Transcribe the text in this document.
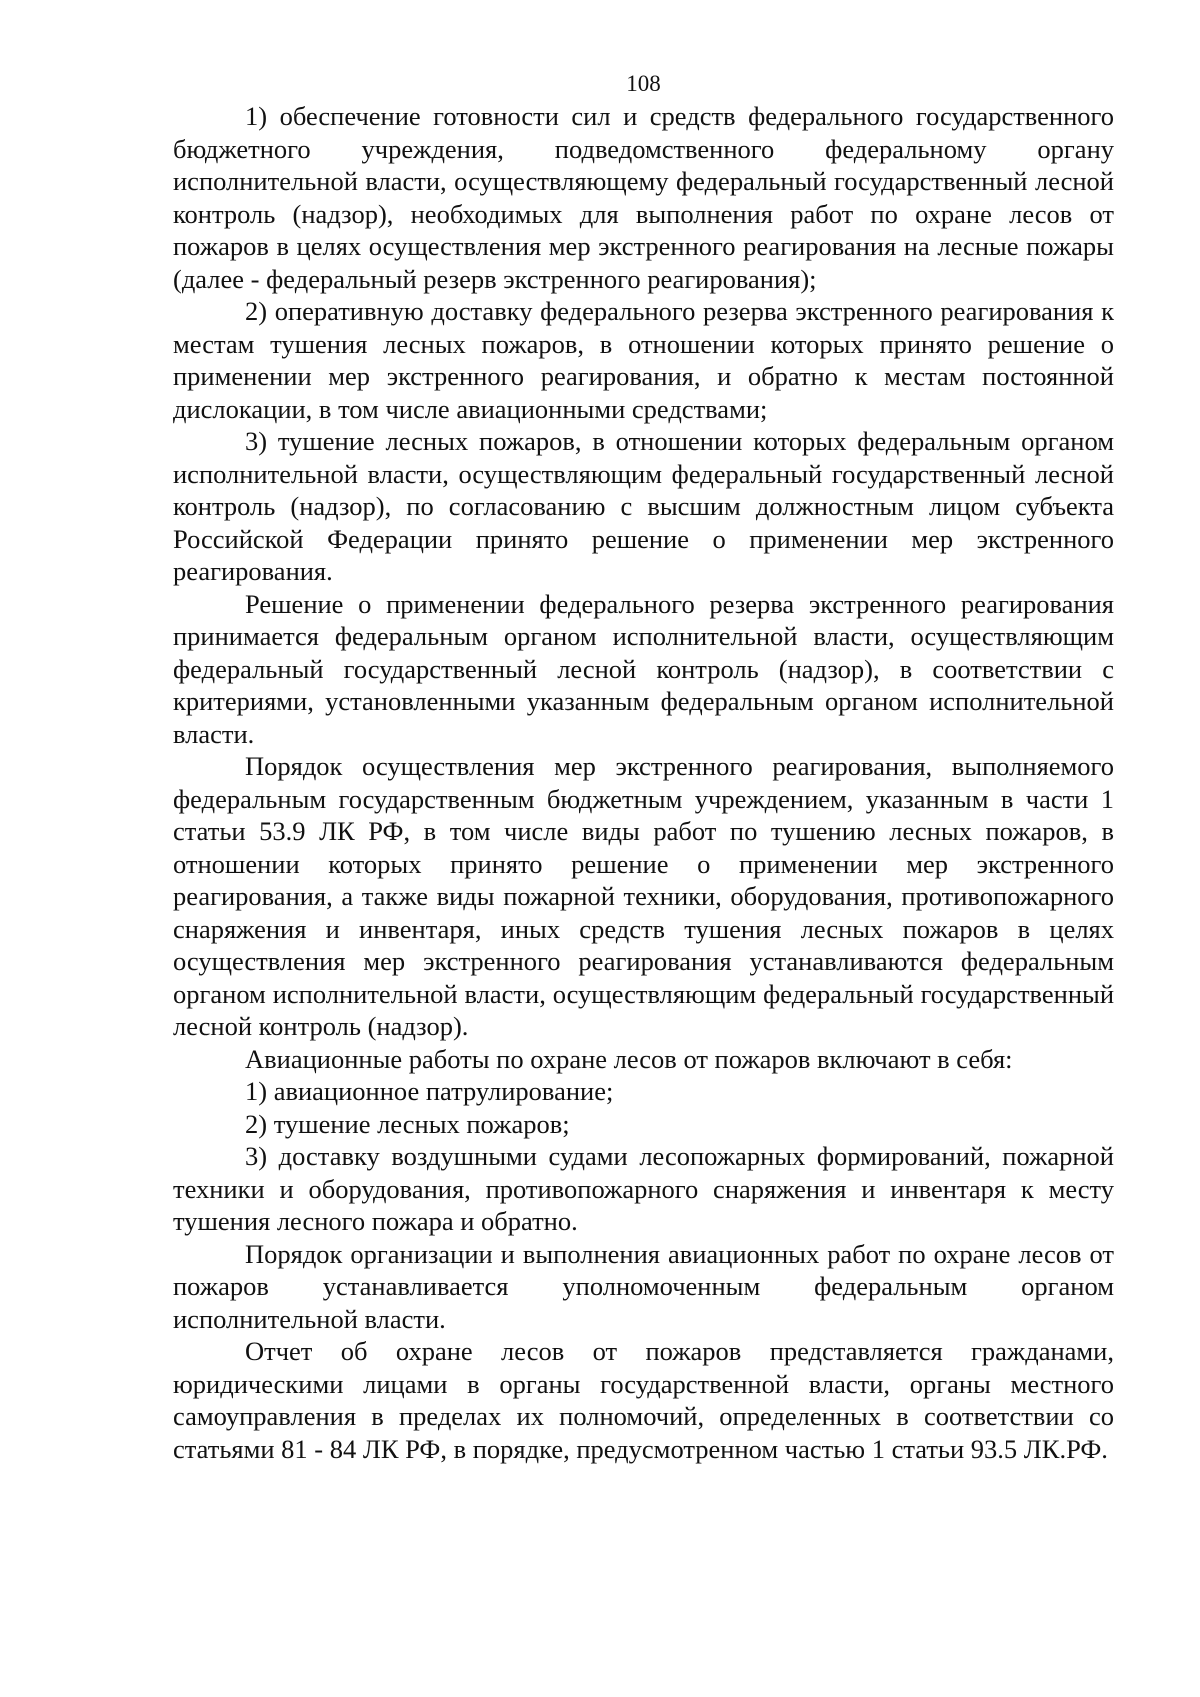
108

1) обеспечение готовности сил и средств федерального государственного бюджетного учреждения, подведомственного федеральному органу исполнительной власти, осуществляющему федеральный государственный лесной контроль (надзор), необходимых для выполнения работ по охране лесов от пожаров в целях осуществления мер экстренного реагирования на лесные пожары (далее - федеральный резерв экстренного реагирования);

2) оперативную доставку федерального резерва экстренного реагирования к местам тушения лесных пожаров, в отношении которых принято решение о применении мер экстренного реагирования, и обратно к местам постоянной дислокации, в том числе авиационными средствами;

3) тушение лесных пожаров, в отношении которых федеральным органом исполнительной власти, осуществляющим федеральный государственный лесной контроль (надзор), по согласованию с высшим должностным лицом субъекта Российской Федерации принято решение о применении мер экстренного реагирования.

Решение о применении федерального резерва экстренного реагирования принимается федеральным органом исполнительной власти, осуществляющим федеральный государственный лесной контроль (надзор), в соответствии с критериями, установленными указанным федеральным органом исполнительной власти.

Порядок осуществления мер экстренного реагирования, выполняемого федеральным государственным бюджетным учреждением, указанным в части 1 статьи 53.9 ЛК РФ, в том числе виды работ по тушению лесных пожаров, в отношении которых принято решение о применении мер экстренного реагирования, а также виды пожарной техники, оборудования, противопожарного снаряжения и инвентаря, иных средств тушения лесных пожаров в целях осуществления мер экстренного реагирования устанавливаются федеральным органом исполнительной власти, осуществляющим федеральный государственный лесной контроль (надзор).

Авиационные работы по охране лесов от пожаров включают в себя:

1) авиационное патрулирование;

2) тушение лесных пожаров;

3) доставку воздушными судами лесопожарных формирований, пожарной техники и оборудования, противопожарного снаряжения и инвентаря к месту тушения лесного пожара и обратно.

Порядок организации и выполнения авиационных работ по охране лесов от пожаров устанавливается уполномоченным федеральным органом исполнительной власти.

Отчет об охране лесов от пожаров представляется гражданами, юридическими лицами в органы государственной власти, органы местного самоуправления в пределах их полномочий, определенных в соответствии со статьями 81 - 84 ЛК РФ, в порядке, предусмотренном частью 1 статьи 93.5 ЛК.РФ.
